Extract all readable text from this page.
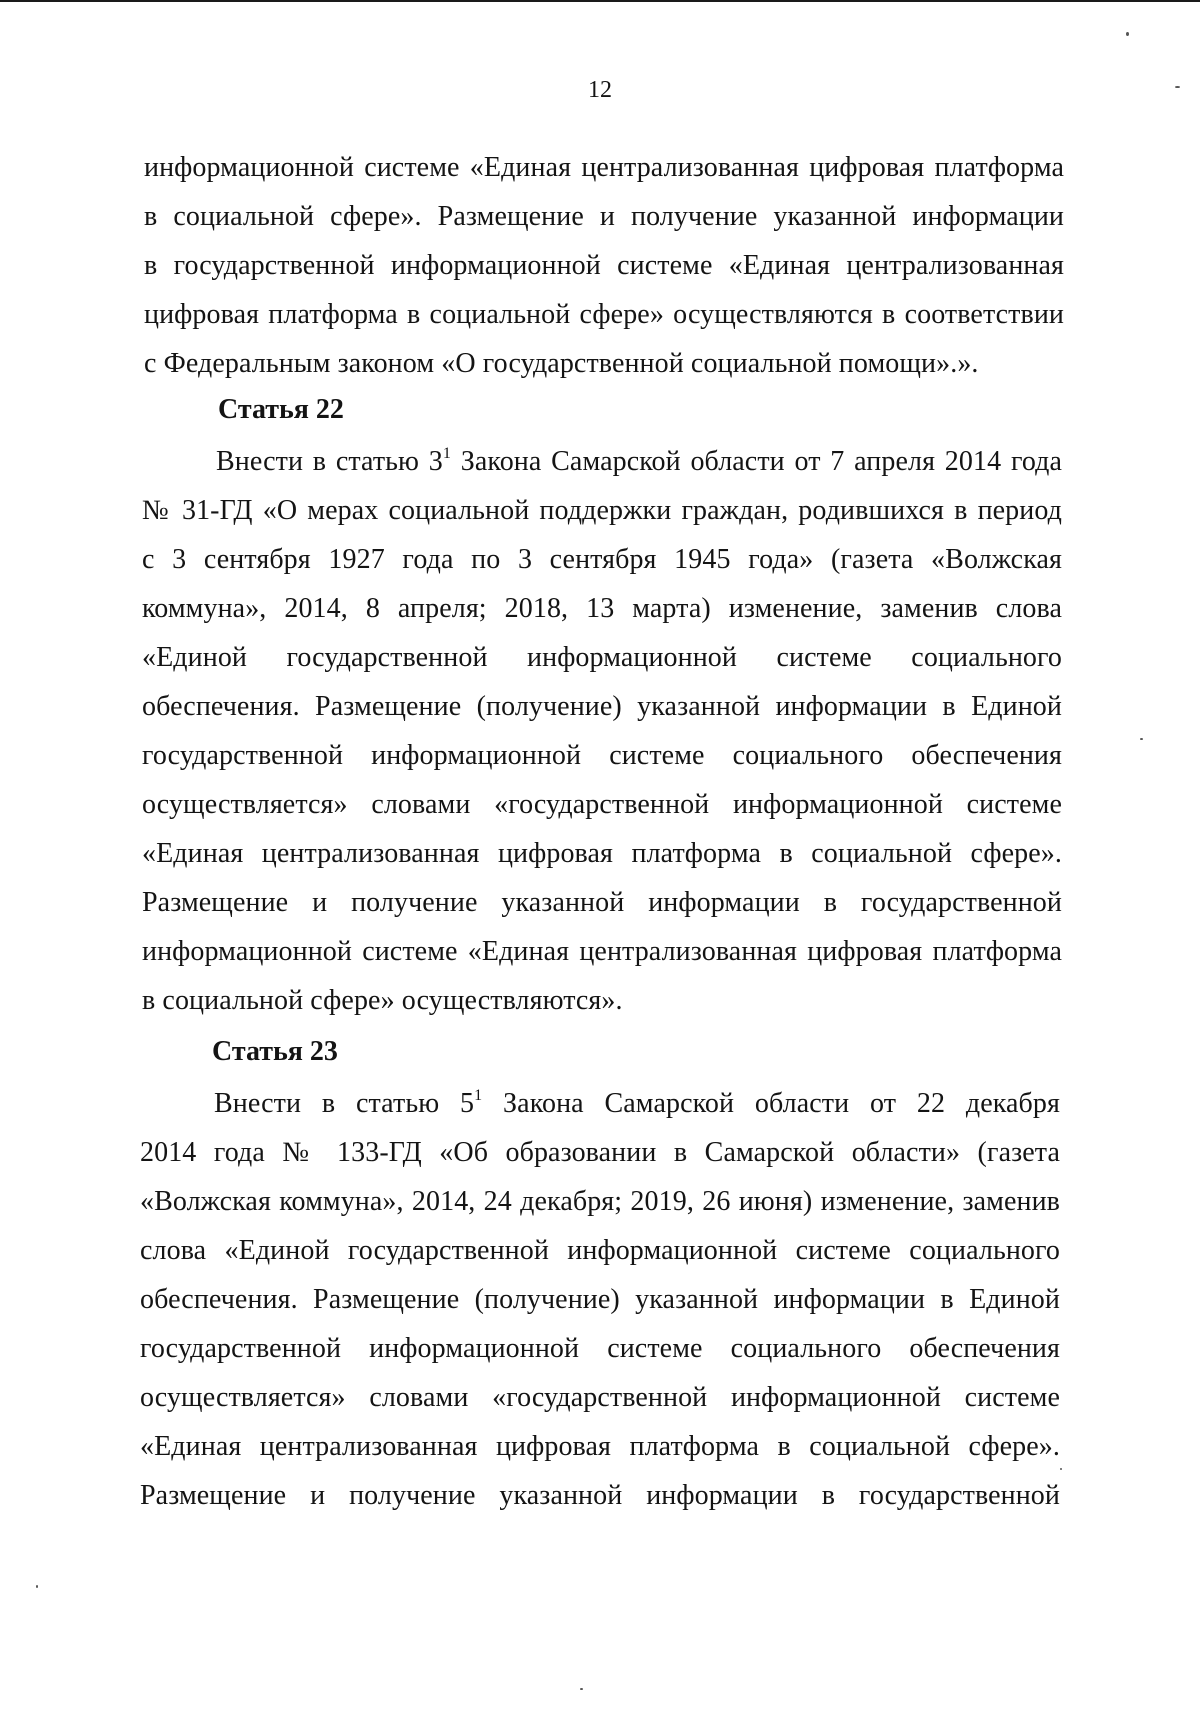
12
информационной системе «Единая централизованная цифровая платформа
в социальной сфере». Размещение и получение указанной информации
в государственной информационной системе «Единая централизованная
цифровая платформа в социальной сфере» осуществляются в соответствии
с Федеральным законом «О государственной социальной помощи».».
Статья 22
Внести в статью $3^1$ Закона Самарской области от 7 апреля 2014 года
№ 31-ГД «О мерах социальной поддержки граждан, родившихся в период
с 3 сентября 1927 года по 3 сентября 1945 года» (газета «Волжская
коммуна», 2014, 8 апреля; 2018, 13 марта) изменение, заменив слова
«Единой государственной информационной системе социального
обеспечения. Размещение (получение) указанной информации в Единой
государственной информационной системе социального обеспечения
осуществляется» словами «государственной информационной системе
«Единая централизованная цифровая платформа в социальной сфере».
Размещение и получение указанной информации в государственной
информационной системе «Единая централизованная цифровая платформа
в социальной сфере» осуществляются».
Статья 23
Внести в статью $5^1$ Закона Самарской области от 22 декабря
2014 года № 133-ГД «Об образовании в Самарской области» (газета
«Волжская коммуна», 2014, 24 декабря; 2019, 26 июня) изменение, заменив
слова «Единой государственной информационной системе социального
обеспечения. Размещение (получение) указанной информации в Единой
государственной информационной системе социального обеспечения
осуществляется» словами «государственной информационной системе
«Единая централизованная цифровая платформа в социальной сфере».
Размещение и получение указанной информации в государственной
